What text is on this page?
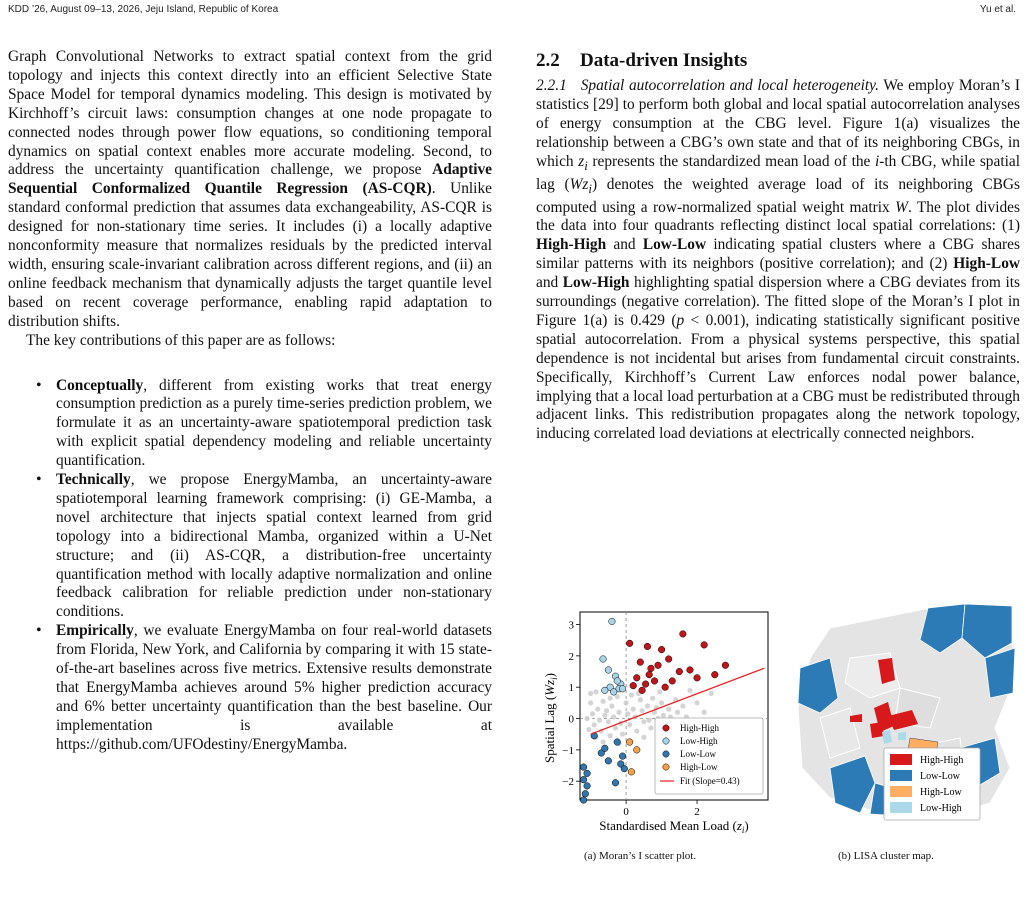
KDD ’26, August 09–13, 2026, Jeju Island, Republic of Korea	Yu et al.

Graph Convolutional Networks to extract spatial context from the grid topology and injects this context directly into an efficient Selective State Space Model for temporal dynamics modeling. This design is motivated by Kirchhoff’s circuit laws: consumption changes at one node propagate to connected nodes through power flow equations, so conditioning temporal dynamics on spatial context enables more accurate modeling. Second, to address the uncertainty quantification challenge, we propose Adaptive Sequential Conformalized Quantile Regression (AS-CQR). Unlike standard conformal prediction that assumes data exchangeability, AS-CQR is designed for non-stationary time series. It includes (i) a locally adaptive nonconformity measure that normalizes residuals by the predicted interval width, ensuring scale-invariant calibration across different regions, and (ii) an online feedback mechanism that dynamically adjusts the target quantile level based on recent coverage performance, enabling rapid adaptation to distribution shifts.

The key contributions of this paper are as follows:

• Conceptually, different from existing works that treat energy consumption prediction as a purely time-series prediction problem, we formulate it as an uncertainty-aware spatiotemporal prediction task with explicit spatial dependency modeling and reliable uncertainty quantification.
• Technically, we propose EnergyMamba, an uncertainty-aware spatiotemporal learning framework comprising: (i) GE-Mamba, a novel architecture that injects spatial context learned from grid topology into a bidirectional Mamba, organized within a U-Net structure; and (ii) AS-CQR, a distribution-free uncertainty quantification method with locally adaptive normalization and online feedback calibration for reliable prediction under non-stationary conditions.
• Empirically, we evaluate EnergyMamba on four real-world datasets from Florida, New York, and California by comparing it with 15 state-of-the-art baselines across five metrics. Extensive results demonstrate that EnergyMamba achieves around 5% higher prediction accuracy and 6% better uncertainty quantification than the best baseline. Our implementation is available at https://github.com/UFOdestiny/EnergyMamba.
2.2 Data-driven Insights

2.2.1 Spatial autocorrelation and local heterogeneity. We employ Moran’s I statistics [29] to perform both global and local spatial autocorrelation analyses of energy consumption at the CBG level. Figure 1(a) visualizes the relationship between a CBG’s own state and that of its neighboring CBGs, in which $z_i$ represents the standardized mean load of the i-th CBG, while spatial lag $(Wz_i)$ denotes the weighted average load of its neighboring CBGs computed using a row-normalized spatial weight matrix W. The plot divides the data into four quadrants reflecting distinct local spatial correlations: (1) High-High and Low-Low indicating spatial clusters where a CBG shares similar patterns with its neighbors (positive correlation); and (2) High-Low and Low-High highlighting spatial dispersion where a CBG deviates from its surroundings (negative correlation). The fitted slope of the Moran’s I plot in Figure 1(a) is 0.429 (p < 0.001), indicating statistically significant positive spatial autocorrelation. From a physical systems perspective, this spatial dependence is not incidental but arises from fundamental circuit constraints. Specifically, Kirchhoff’s Current Law enforces nodal power balance, implying that a local load perturbation at a CBG must be redistributed through adjacent links. This redistribution propagates along the network topology, inducing correlated load deviations at electrically connected neighbors.

Spatial Lag $(Wz_i)$
3
2
1
0
−1
−2
0	2
High-High
Low-High
Low-Low
High-Low
Fit (Slope=0.43)
Standardised Mean Load $(z_i)$
(a) Moran’s I scatter plot.
High-High
Low-Low
High-Low
Low-High
(b) LISA cluster map.
